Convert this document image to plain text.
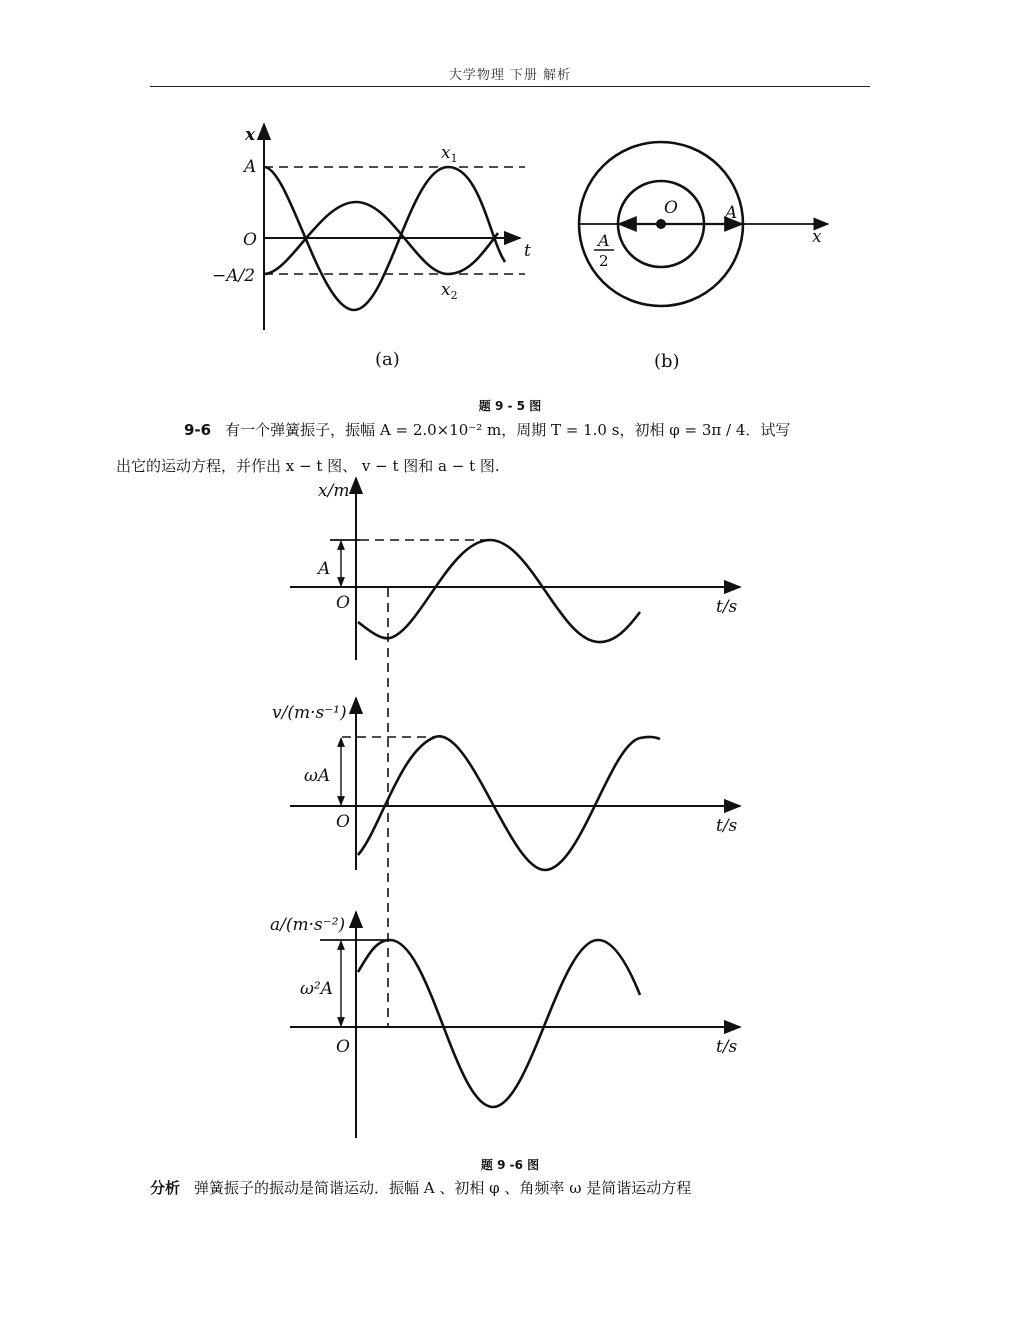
大学物理 下册 解析
x
t
O
A
−A/2
$x_1$
$x_2$
(a)
O	A
x
A
2
(b)
题 9 - 5 图
9-6 有一个弹簧振子，振幅 A = 2.0×10⁻² m，周期 T = 1.0 s，初相 φ = 3π / 4．试写
出它的运动方程，并作出 x − t 图、 v − t 图和 a − t 图.
x/m
t/s
O
A
v/(m·s⁻¹)
t/s
O
ωA
a/(m·s⁻²)
t/s
O
ω²A
题 9 -6 图
分析 弹簧振子的振动是简谐运动．振幅 A 、初相 φ 、角频率 ω 是简谐运动方程
